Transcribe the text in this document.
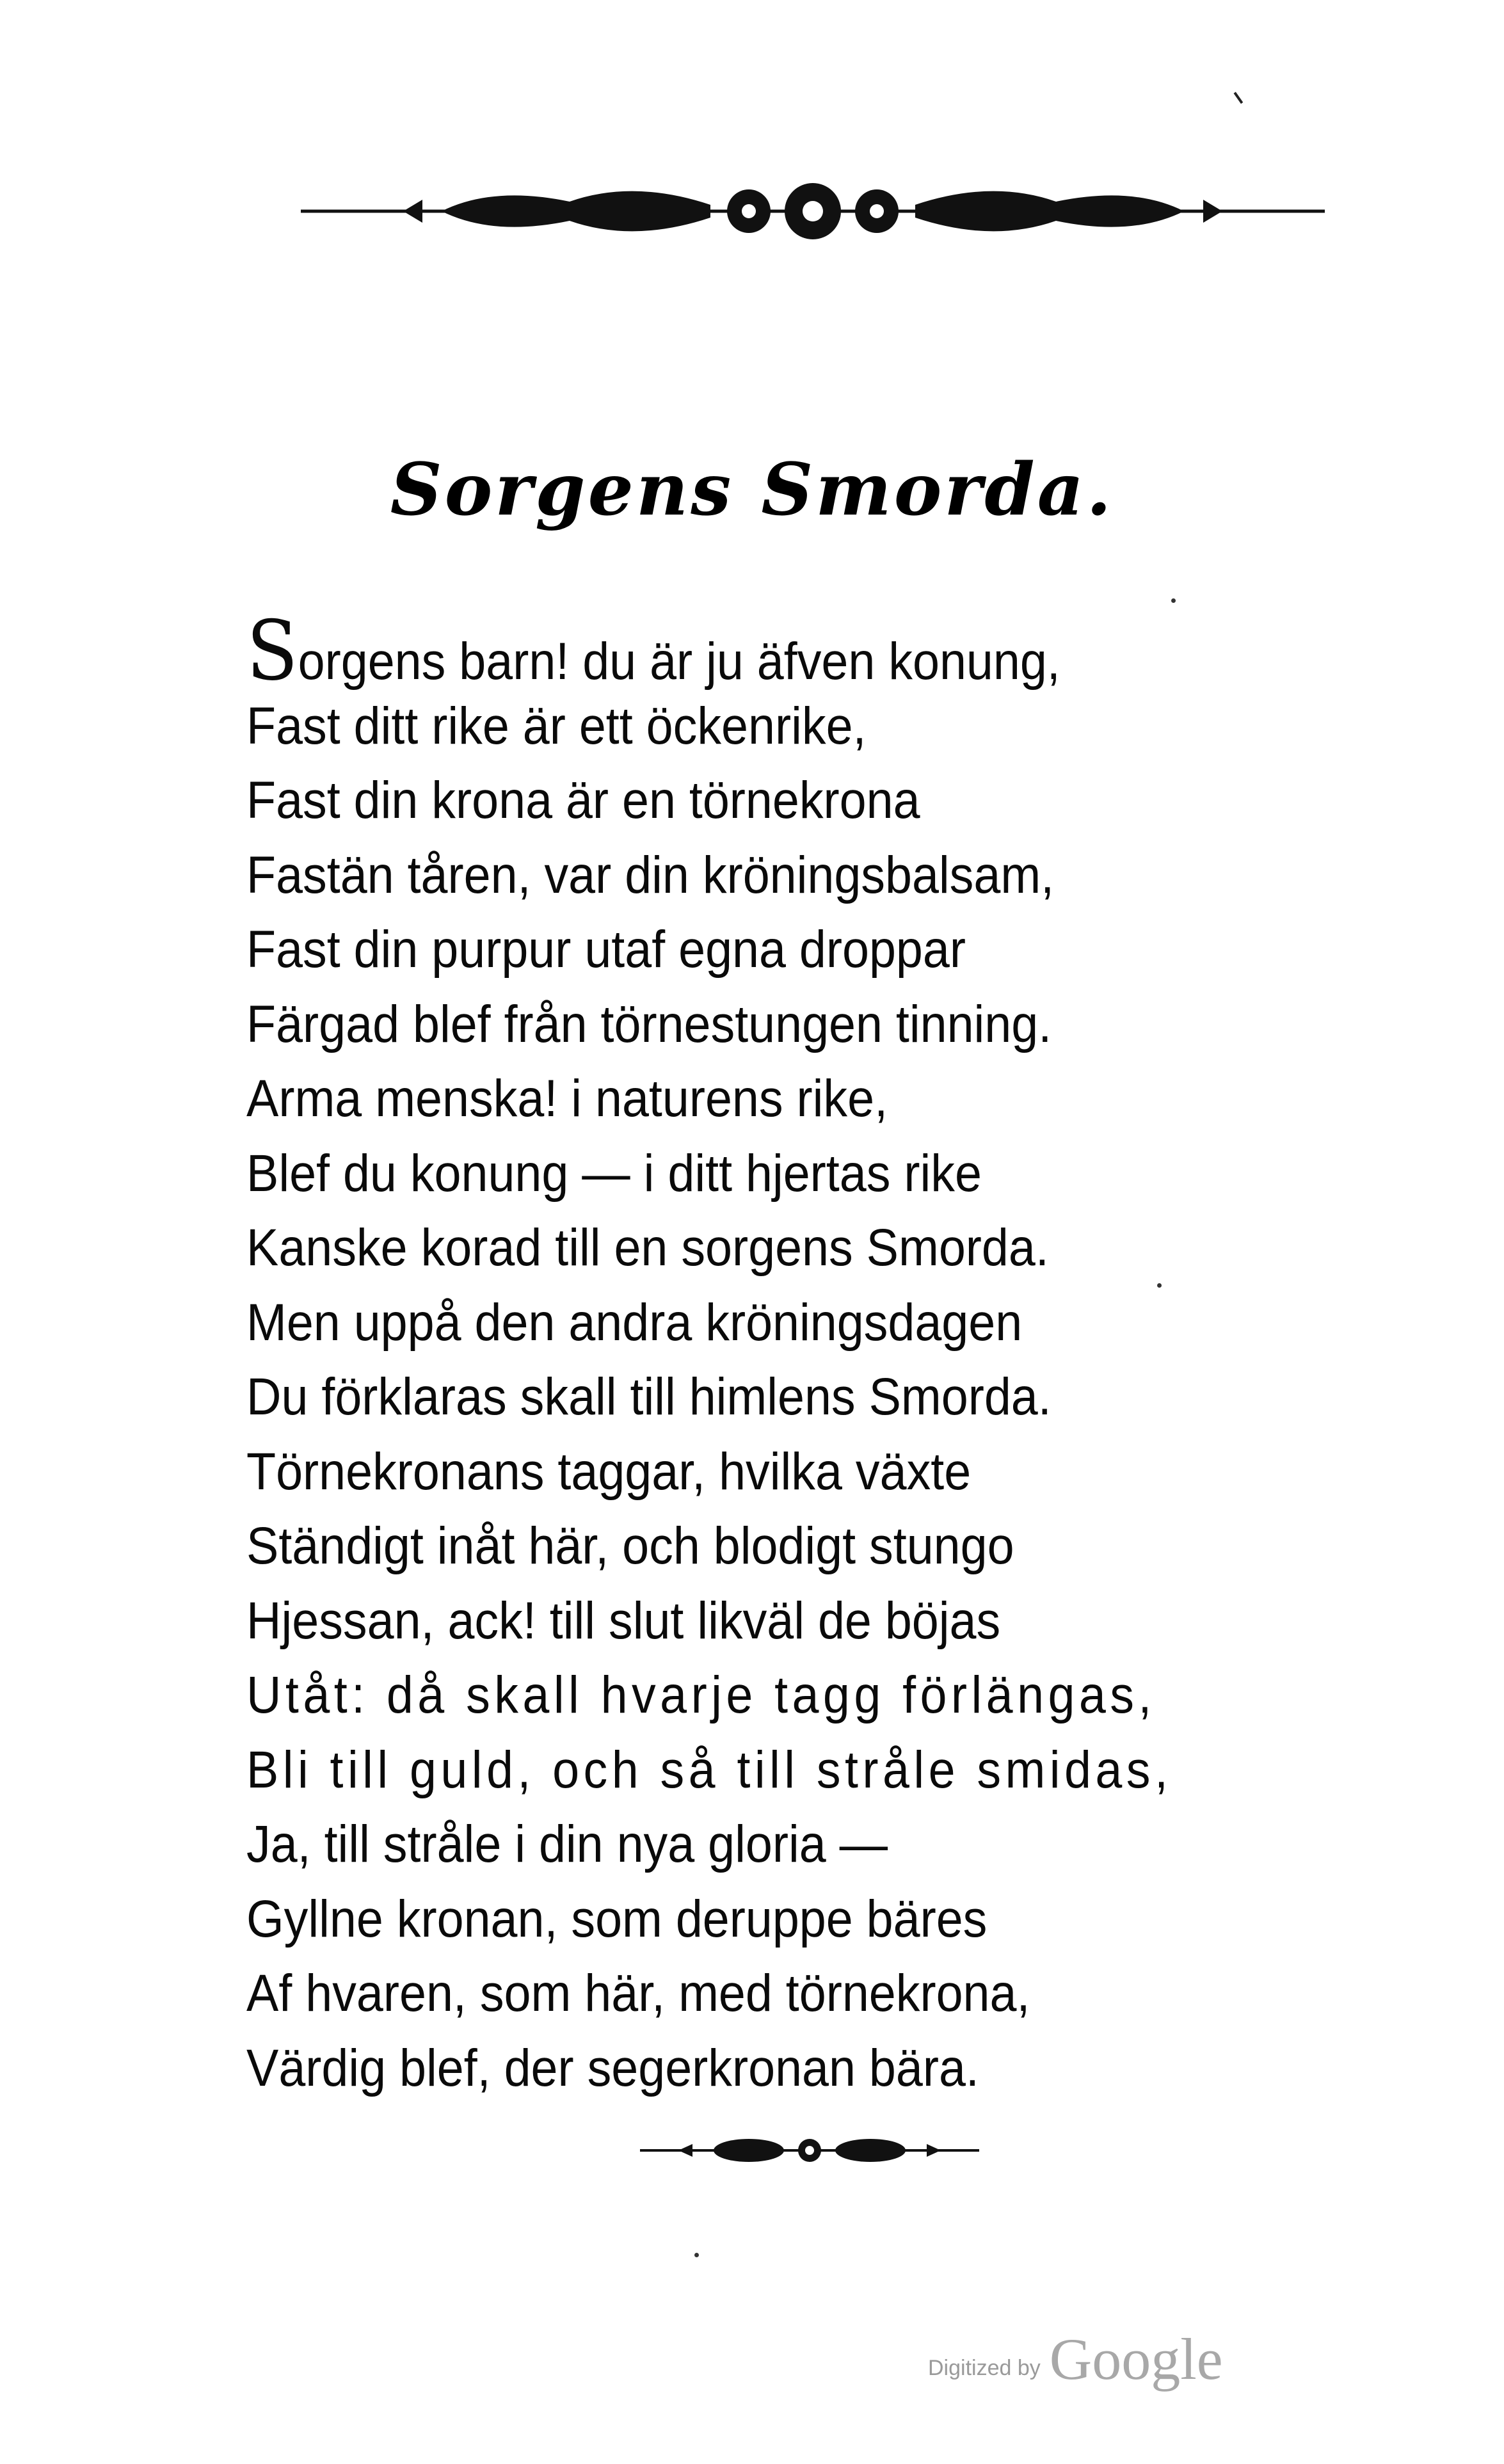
Sorgens Smorda.
Sorgens barn! du är ju äfven konung,
Fast ditt rike är ett öckenrike,
Fast din krona är en törnekrona
Fastän tåren, var din kröningsbalsam,
Fast din purpur utaf egna droppar
Färgad blef från törnestungen tinning.
Arma menska! i naturens rike,
Blef du konung — i ditt hjertas rike
Kanske korad till en sorgens Smorda.
Men uppå den andra kröningsdagen
Du förklaras skall till himlens Smorda.
Törnekronans taggar, hvilka växte
Ständigt inåt här, och blodigt stungo
Hjessan, ack! till slut likväl de böjas
Utåt: då skall hvarje tagg förlängas,
Bli till guld, och så till stråle smidas,
Ja, till stråle i din nya gloria —
Gyllne kronan, som deruppe bäres
Af hvaren, som här, med törnekrona,
Värdig blef, der segerkronan bära.
Digitized by Google
